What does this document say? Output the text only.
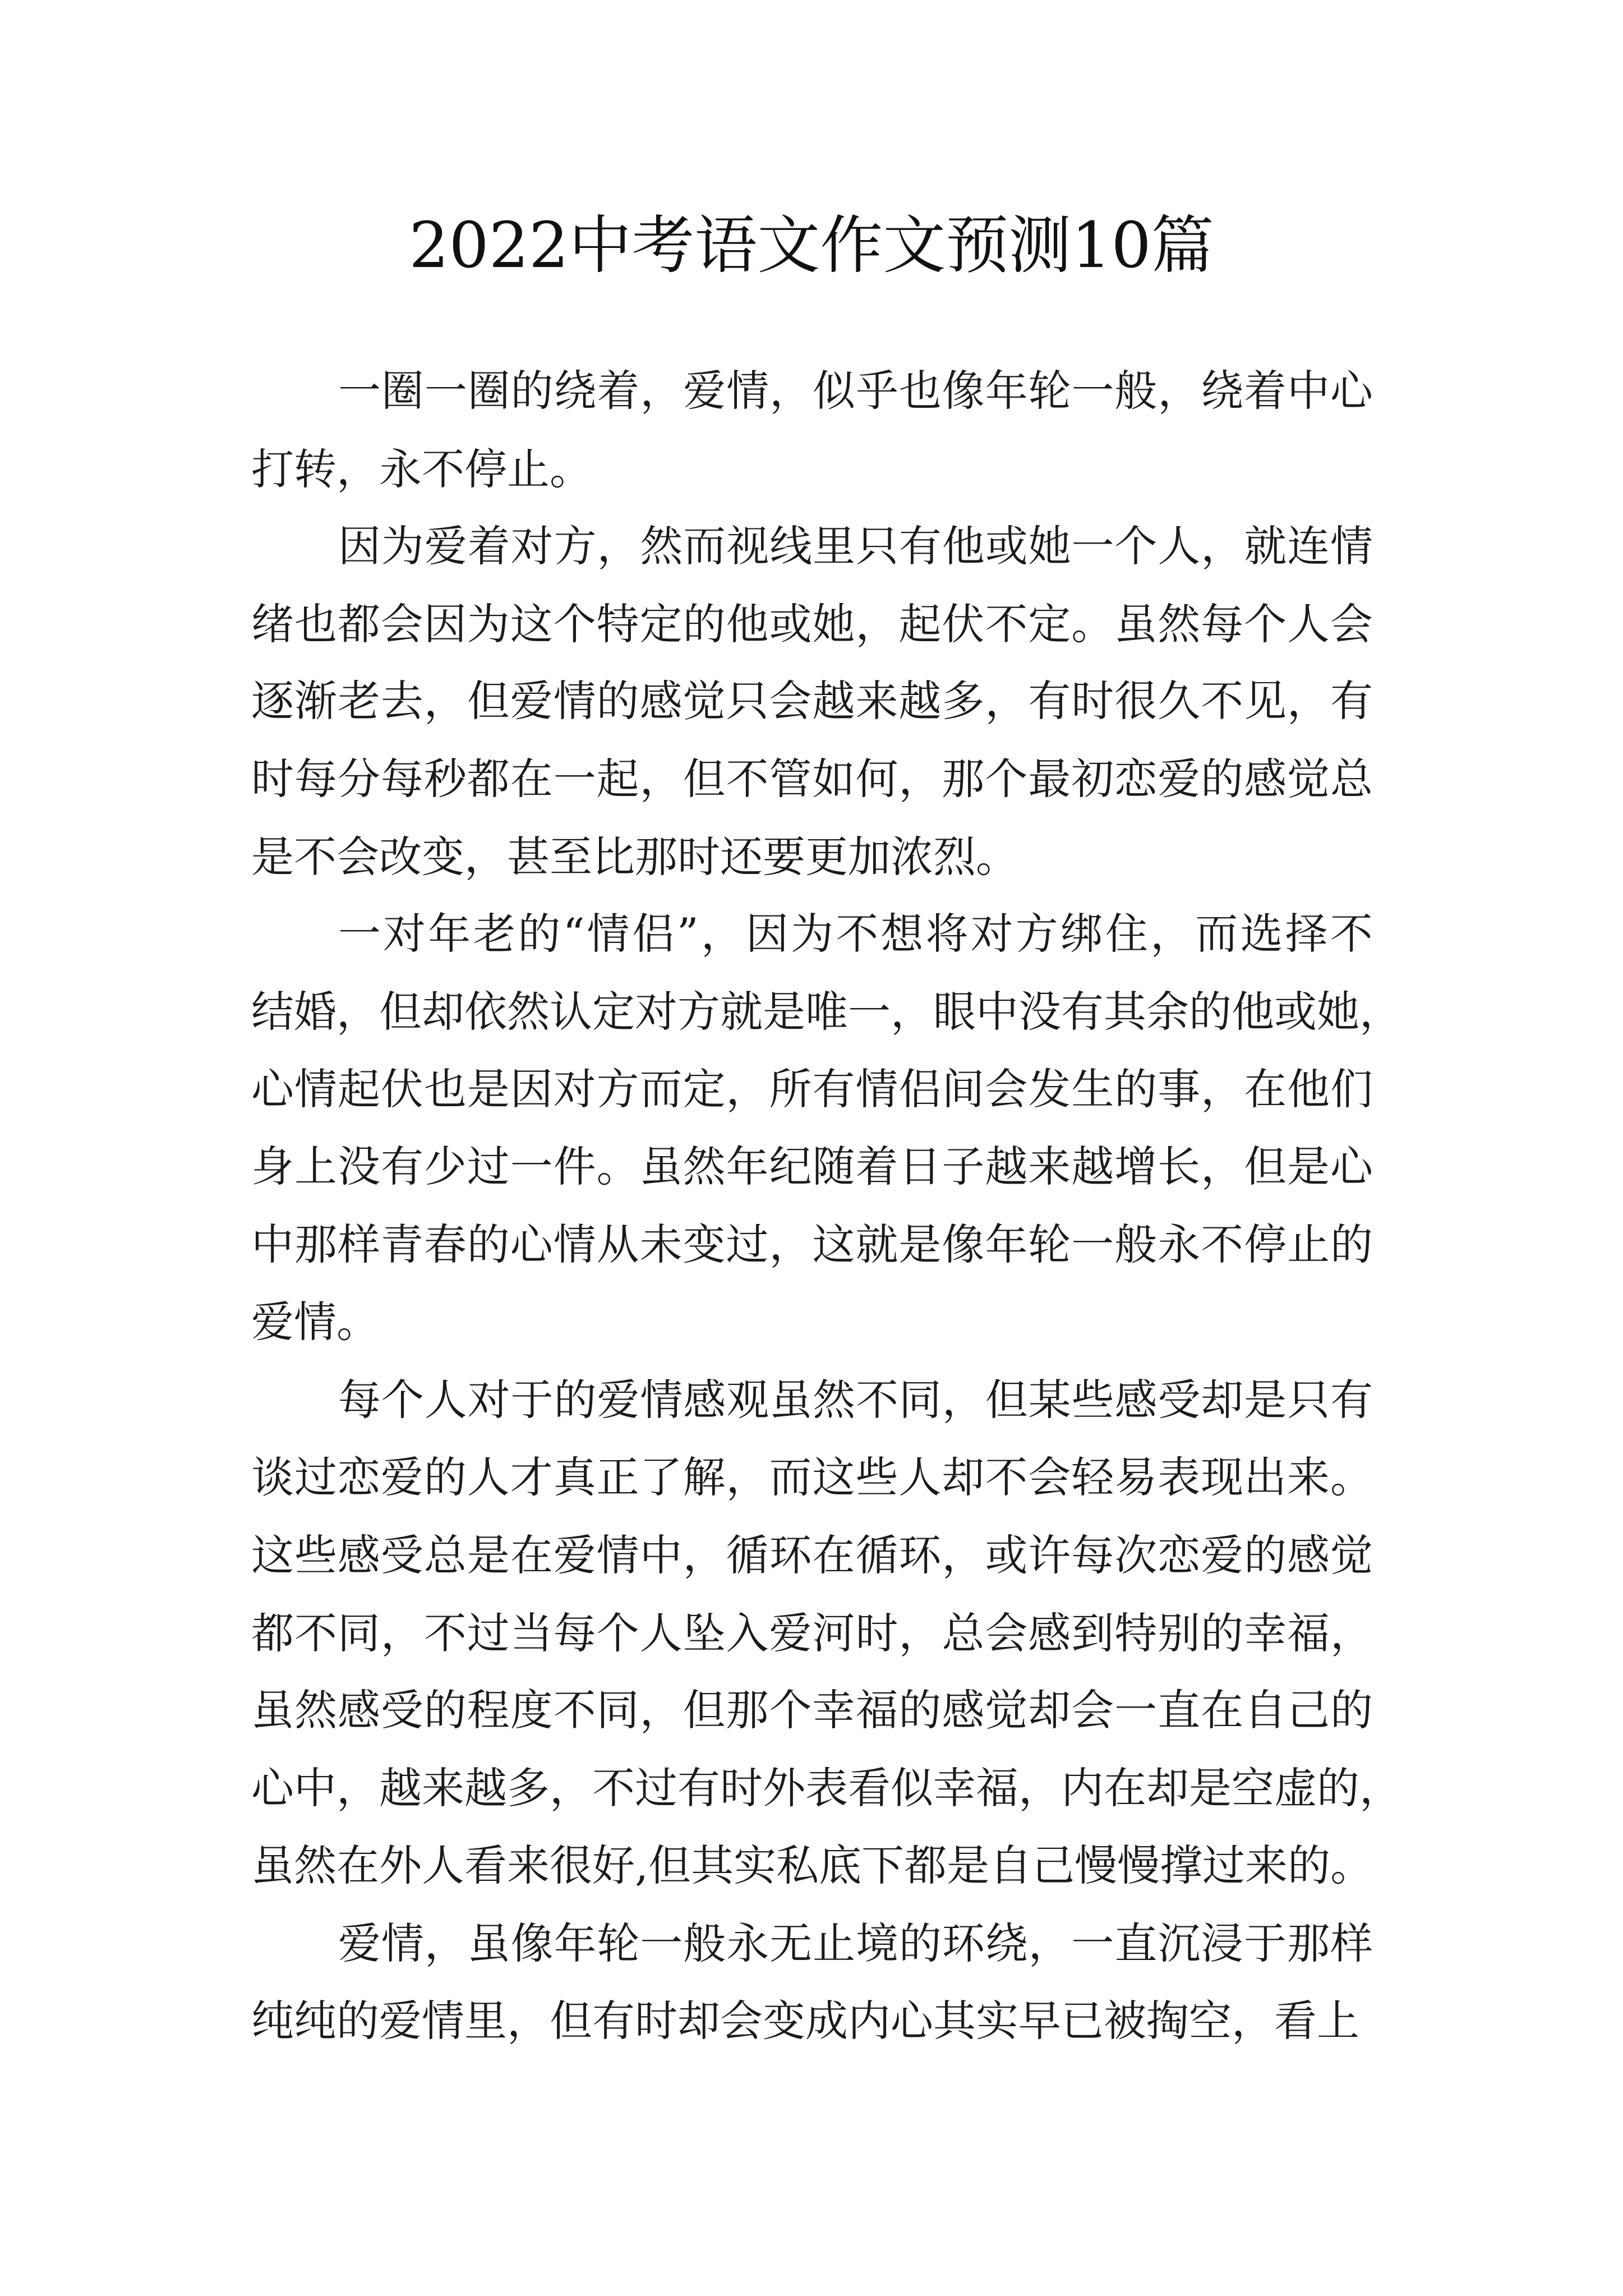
2022中考语文作文预测10篇
一圈一圈的绕着，爱情，似乎也像年轮一般，绕着中心
打转，永不停止。
因为爱着对方，然而视线里只有他或她一个人，就连情
绪也都会因为这个特定的他或她，起伏不定。虽然每个人会
逐渐老去，但爱情的感觉只会越来越多，有时很久不见，有
时每分每秒都在一起，但不管如何，那个最初恋爱的感觉总
是不会改变，甚至比那时还要更加浓烈。
一对年老的“情侣”，因为不想将对方绑住，而选择不
结婚，但却依然认定对方就是唯一，眼中没有其余的他或她，
心情起伏也是因对方而定，所有情侣间会发生的事，在他们
身上没有少过一件。虽然年纪随着日子越来越增长，但是心
中那样青春的心情从未变过，这就是像年轮一般永不停止的
爱情。
每个人对于的爱情感观虽然不同，但某些感受却是只有
谈过恋爱的人才真正了解，而这些人却不会轻易表现出来。
这些感受总是在爱情中，循环在循环，或许每次恋爱的感觉
都不同，不过当每个人坠入爱河时，总会感到特别的幸福，
虽然感受的程度不同，但那个幸福的感觉却会一直在自己的
心中，越来越多，不过有时外表看似幸福，内在却是空虚的，
虽然在外人看来很好,但其实私底下都是自己慢慢撑过来的。
爱情，虽像年轮一般永无止境的环绕，一直沉浸于那样
纯纯的爱情里，但有时却会变成内心其实早已被掏空，看上
